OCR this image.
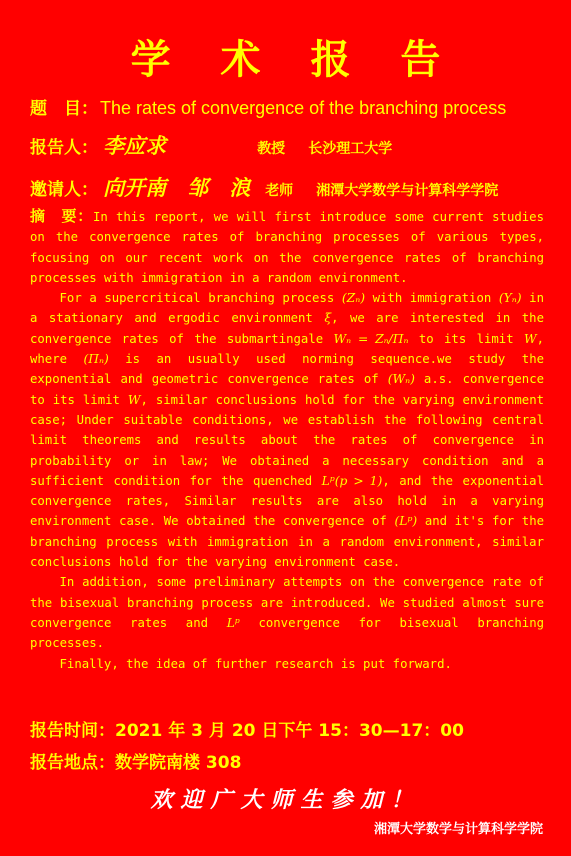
学 术 报 告
题　目： The rates of convergence of the branching process
报告人： 李应求	教授 长沙理工大学
邀请人： 向开南　邹　浪 老师 湘潭大学数学与计算科学学院

摘　要：In this report, we will first introduce some current studies on the convergence rates of branching processes of various types, focusing on our recent work on the convergence rates of branching processes with immigration in a random environment.

For a supercritical branching process (Zₙ) with immigration (Yₙ) in a stationary and ergodic environment ξ, we are interested in the convergence rates of the submartingale Wₙ = Zₙ/Πₙ to its limit W, where (Πₙ) is an usually used norming sequence.we study the exponential and geometric convergence rates of (Wₙ) a.s. convergence to its limit W, similar conclusions hold for the varying environment case; Under suitable conditions, we establish the following central limit theorems and results about the rates of convergence in probability or in law; We obtained a necessary condition and a sufficient condition for the quenched Lᵖ(p > 1), and the exponential convergence rates, Similar results are also hold in a varying environment case. We obtained the convergence of (Lᵖ) and it's for the branching process with immigration in a random environment, similar conclusions hold for the varying environment case.

In addition, some preliminary attempts on the convergence rate of the bisexual branching process are introduced. We studied almost sure convergence rates and Lᵖ convergence for bisexual branching processes.

Finally, the idea of further research is put forward.

报告时间：2021 年 3 月 20 日下午 15：30—17：00
报告地点：数学院南楼 308
欢迎广大师生参加！
湘潭大学数学与计算科学学院
